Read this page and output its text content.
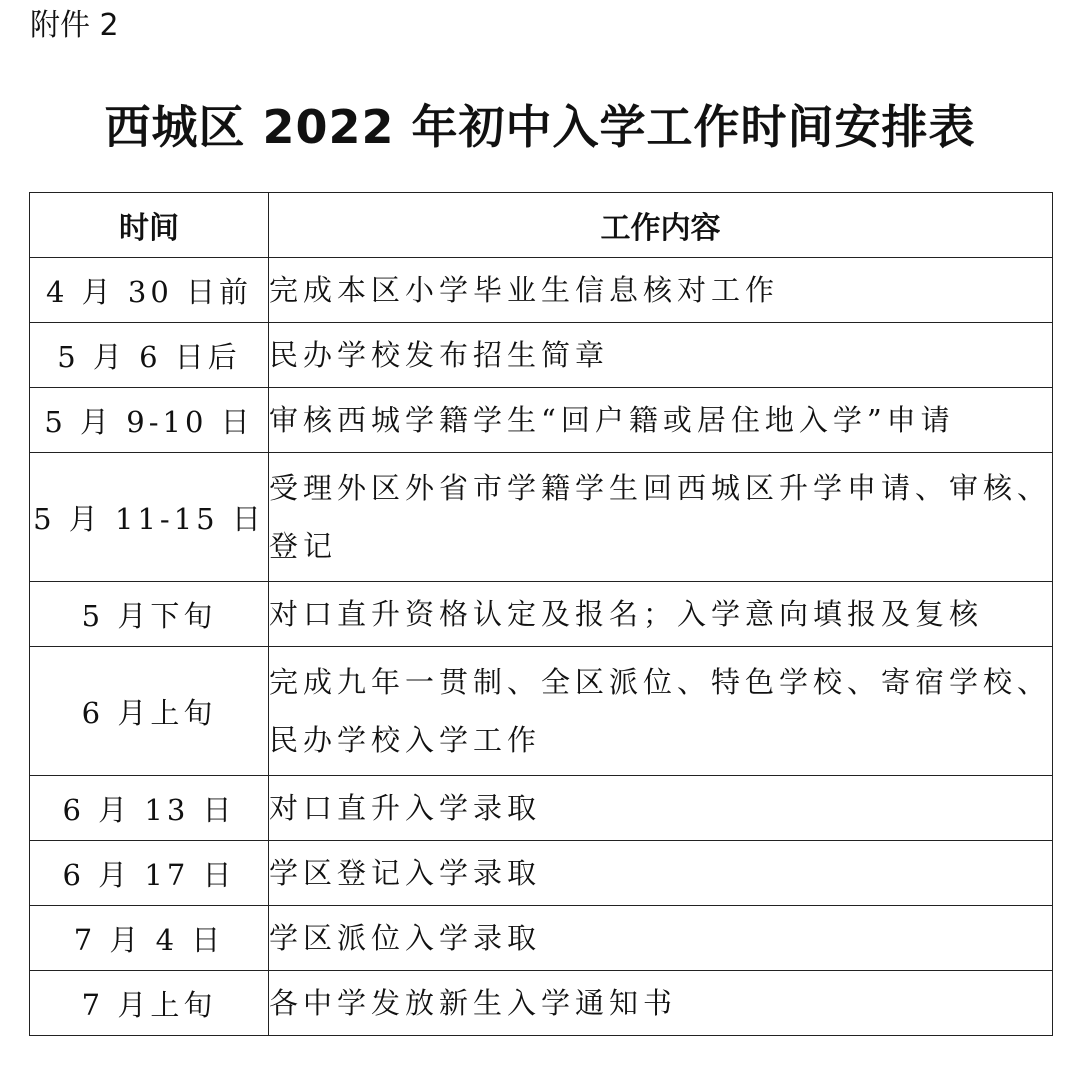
附件 2
西城区 2022 年初中入学工作时间安排表
时间	工作内容
4 月 30 日前	完成本区小学毕业生信息核对工作
5 月 6 日后	民办学校发布招生简章
5 月 9-10 日	审核西城学籍学生“回户籍或居住地入学”申请
5 月 11-15 日	受理外区外省市学籍学生回西城区升学申请、审核、登记
5 月下旬	对口直升资格认定及报名；入学意向填报及复核
6 月上旬	完成九年一贯制、全区派位、特色学校、寄宿学校、民办学校入学工作
6 月 13 日	对口直升入学录取
6 月 17 日	学区登记入学录取
7 月 4 日	学区派位入学录取
7 月上旬	各中学发放新生入学通知书
